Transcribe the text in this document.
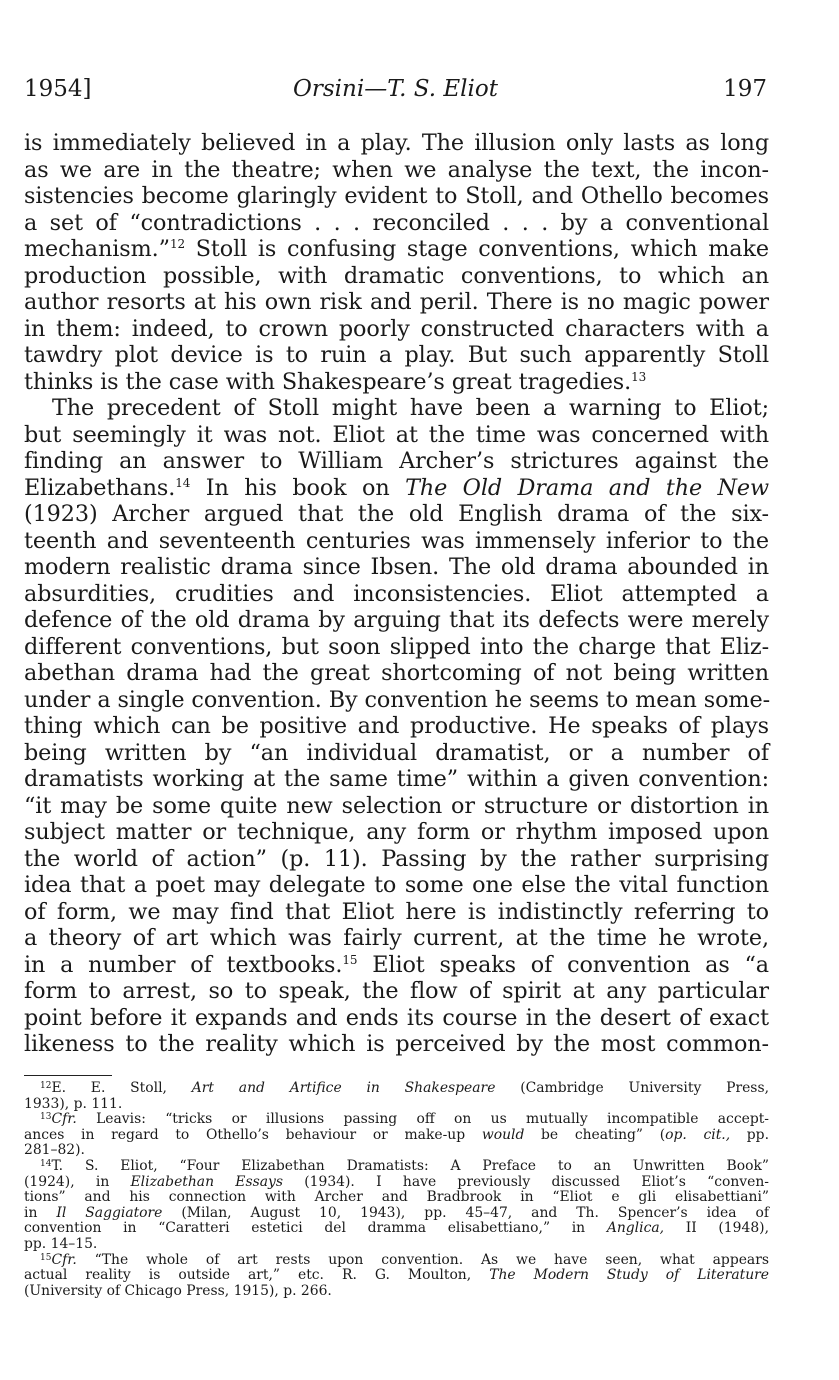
1954]	Orsini—T. S. Eliot	197
is immediately believed in a play. The illusion only lasts as long
as we are in the theatre; when we analyse the text, the incon-
sistencies become glaringly evident to Stoll, and Othello becomes
a set of “contradictions . . . reconciled . . . by a conventional
mechanism.”$^{12}$ Stoll is confusing stage conventions, which make
production possible, with dramatic conventions, to which an
author resorts at his own risk and peril. There is no magic power
in them: indeed, to crown poorly constructed characters with a
tawdry plot device is to ruin a play. But such apparently Stoll
thinks is the case with Shakespeare’s great tragedies.$^{13}$
The precedent of Stoll might have been a warning to Eliot;
but seemingly it was not. Eliot at the time was concerned with
finding an answer to William Archer’s strictures against the
Elizabethans.$^{14}$ In his book on The Old Drama and the New
(1923) Archer argued that the old English drama of the six-
teenth and seventeenth centuries was immensely inferior to the
modern realistic drama since Ibsen. The old drama abounded in
absurdities, crudities and inconsistencies. Eliot attempted a
defence of the old drama by arguing that its defects were merely
different conventions, but soon slipped into the charge that Eliz-
abethan drama had the great shortcoming of not being written
under a single convention. By convention he seems to mean some-
thing which can be positive and productive. He speaks of plays
being written by “an individual dramatist, or a number of
dramatists working at the same time” within a given convention:
“it may be some quite new selection or structure or distortion in
subject matter or technique, any form or rhythm imposed upon
the world of action” (p. 11). Passing by the rather surprising
idea that a poet may delegate to some one else the vital function
of form, we may find that Eliot here is indistinctly referring to
a theory of art which was fairly current, at the time he wrote,
in a number of textbooks.$^{15}$ Eliot speaks of convention as “a
form to arrest, so to speak, the flow of spirit at any particular
point before it expands and ends its course in the desert of exact
likeness to the reality which is perceived by the most common-
$^{12}$E. E. Stoll, Art and Artifice in Shakespeare (Cambridge University Press,
1933), p. 111.
$^{13}$Cfr. Leavis: “tricks or illusions passing off on us mutually incompatible accept-
ances in regard to Othello’s behaviour or make-up would be cheating” (op. cit., pp.
281–82).
$^{14}$T. S. Eliot, “Four Elizabethan Dramatists: A Preface to an Unwritten Book”
(1924), in Elizabethan Essays (1934). I have previously discussed Eliot’s “conven-
tions” and his connection with Archer and Bradbrook in “Eliot e gli elisabettiani”
in Il Saggiatore (Milan, August 10, 1943), pp. 45–47, and Th. Spencer’s idea of
convention in “Caratteri estetici del dramma elisabettiano,” in Anglica, II (1948),
pp. 14–15.
$^{15}$Cfr. “The whole of art rests upon convention. As we have seen, what appears
actual reality is outside art,” etc. R. G. Moulton, The Modern Study of Literature
(University of Chicago Press, 1915), p. 266.
